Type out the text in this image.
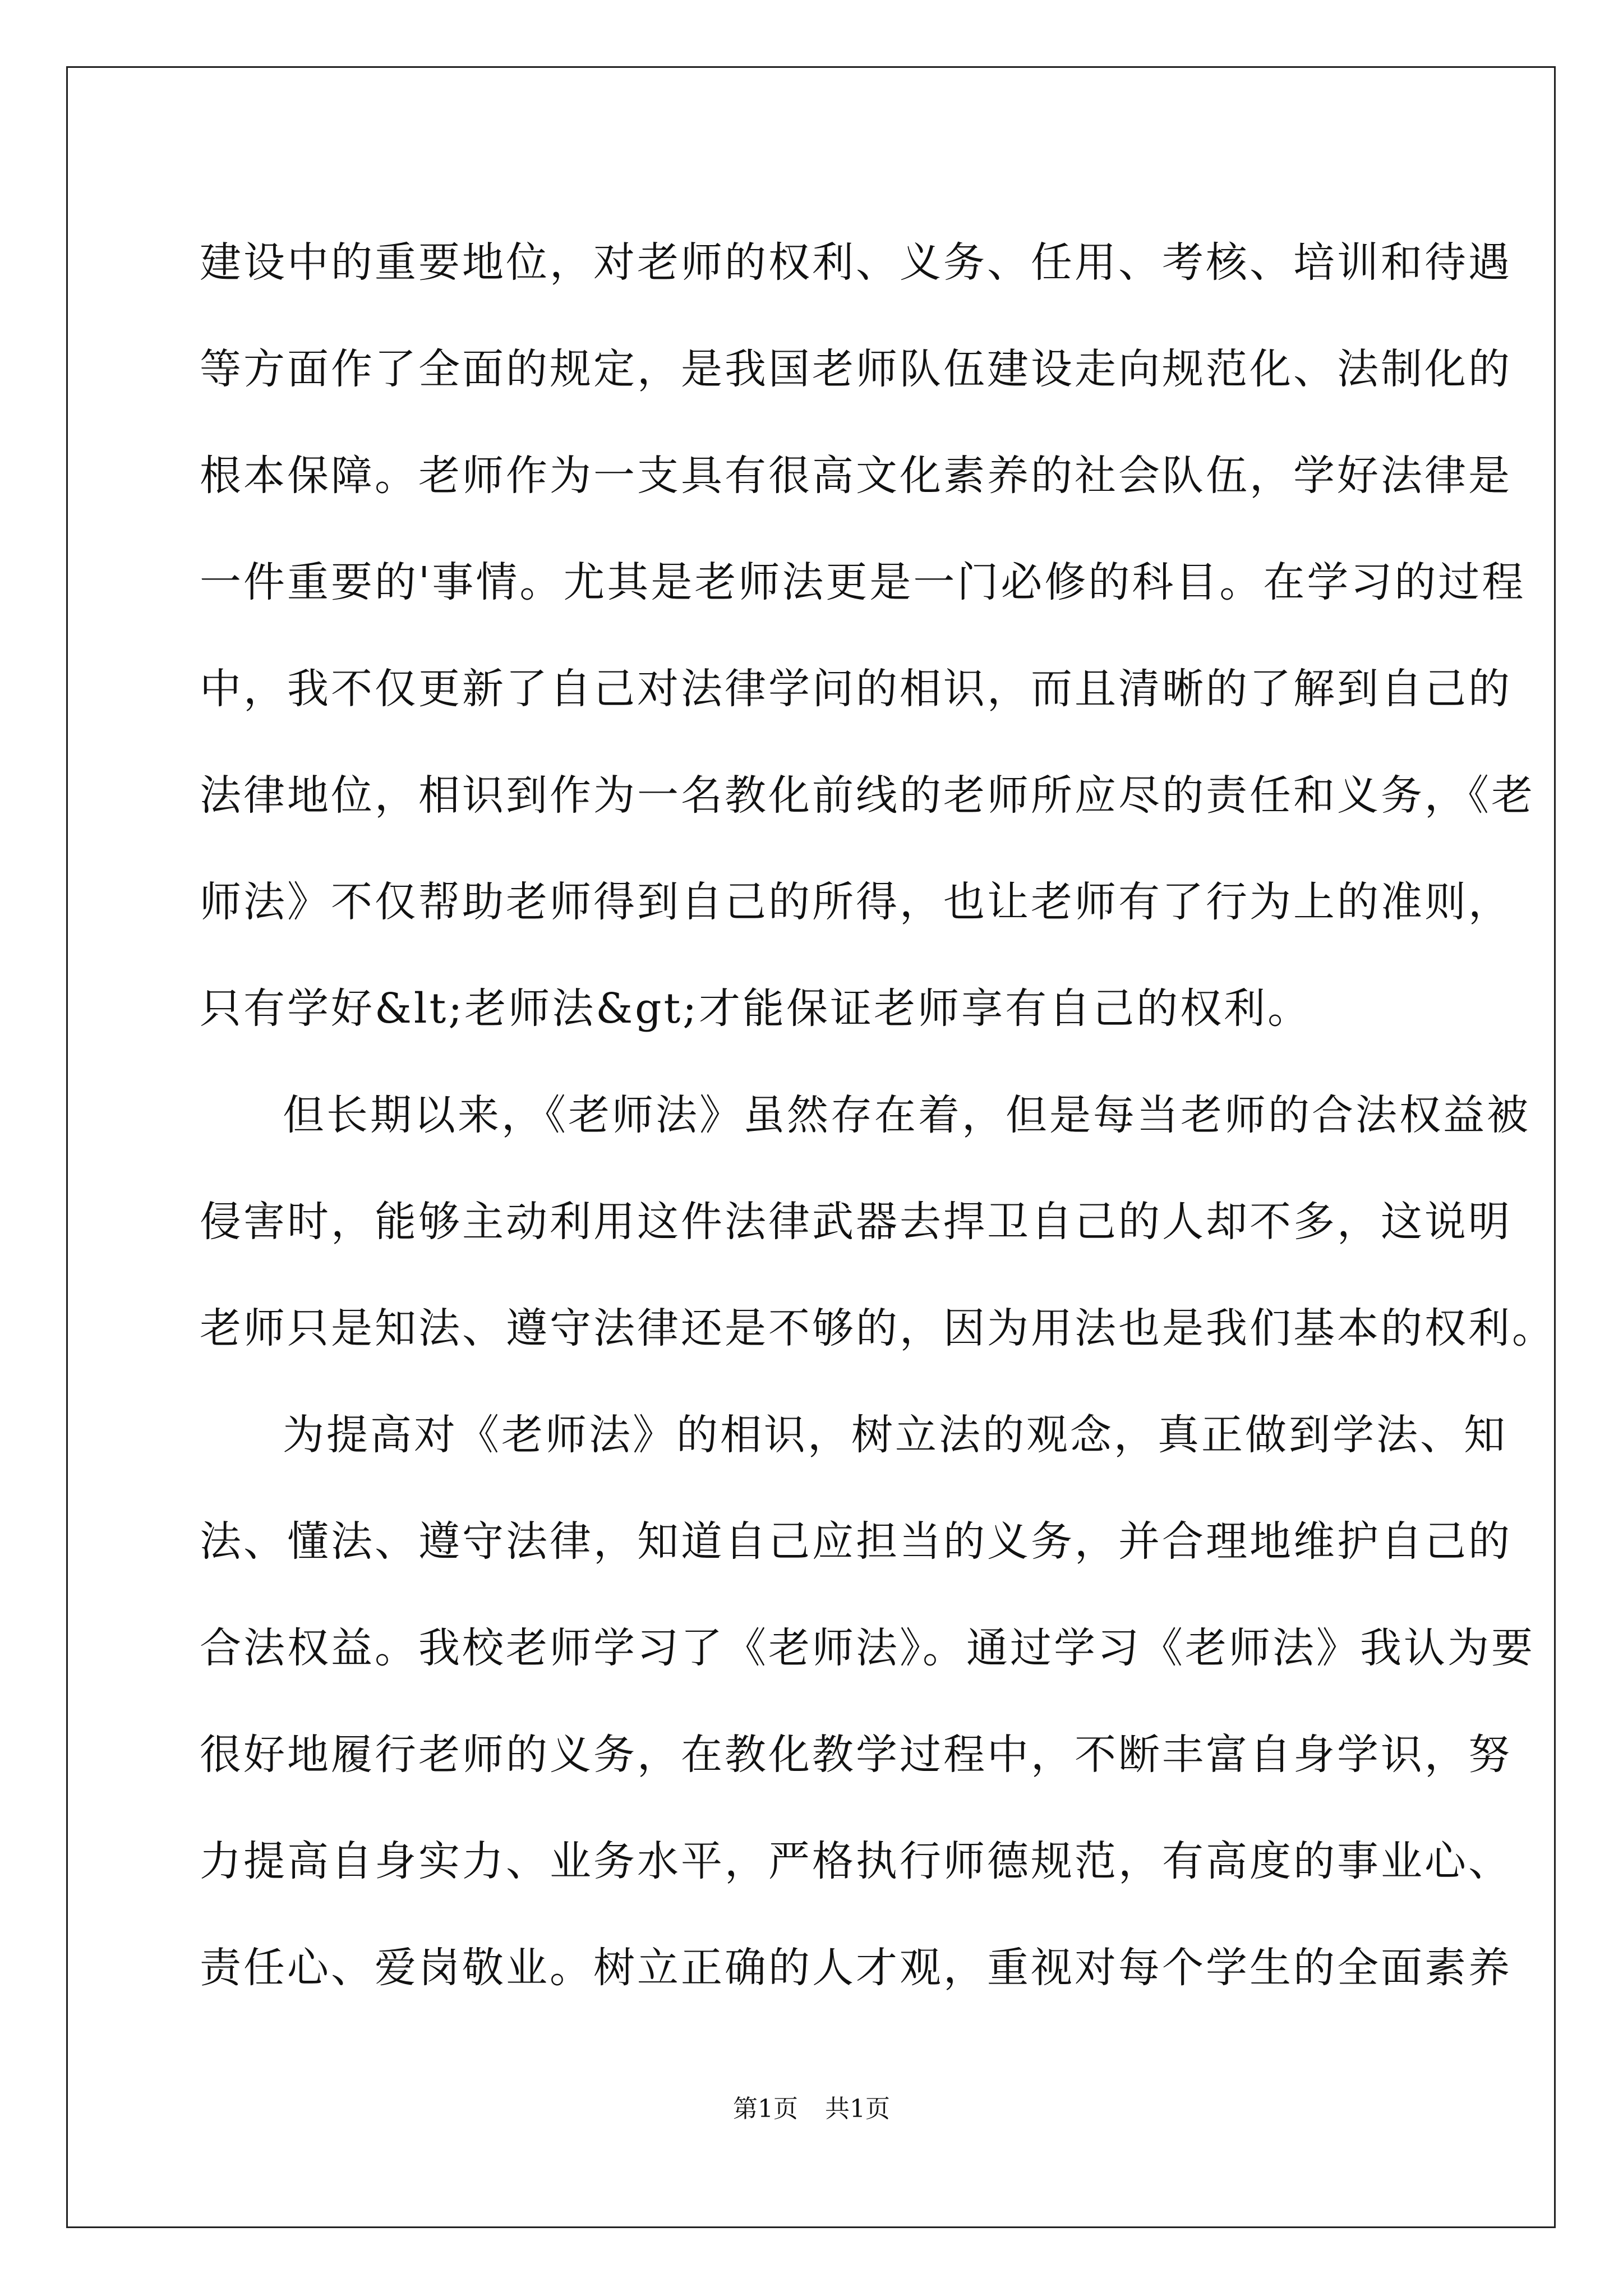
建设中的重要地位，对老师的权利、义务、任用、考核、培训和待遇
等方面作了全面的规定，是我国老师队伍建设走向规范化、法制化的
根本保障。老师作为一支具有很高文化素养的社会队伍，学好法律是
一件重要的'事情。尤其是老师法更是一门必修的科目。在学习的过程
中，我不仅更新了自己对法律学问的相识，而且清晰的了解到自己的
法律地位，相识到作为一名教化前线的老师所应尽的责任和义务，《老
师法》不仅帮助老师得到自己的所得，也让老师有了行为上的准则，
只有学好&lt;老师法&gt;才能保证老师享有自己的权利。
但长期以来，《老师法》虽然存在着，但是每当老师的合法权益被
侵害时，能够主动利用这件法律武器去捍卫自己的人却不多，这说明
老师只是知法、遵守法律还是不够的，因为用法也是我们基本的权利。
为提高对《老师法》的相识，树立法的观念，真正做到学法、知
法、懂法、遵守法律，知道自己应担当的义务，并合理地维护自己的
合法权益。我校老师学习了《老师法》。通过学习《老师法》我认为要
很好地履行老师的义务，在教化教学过程中，不断丰富自身学识，努
力提高自身实力、业务水平，严格执行师德规范，有高度的事业心、
责任心、爱岗敬业。树立正确的人才观，重视对每个学生的全面素养
第1页 共1页
